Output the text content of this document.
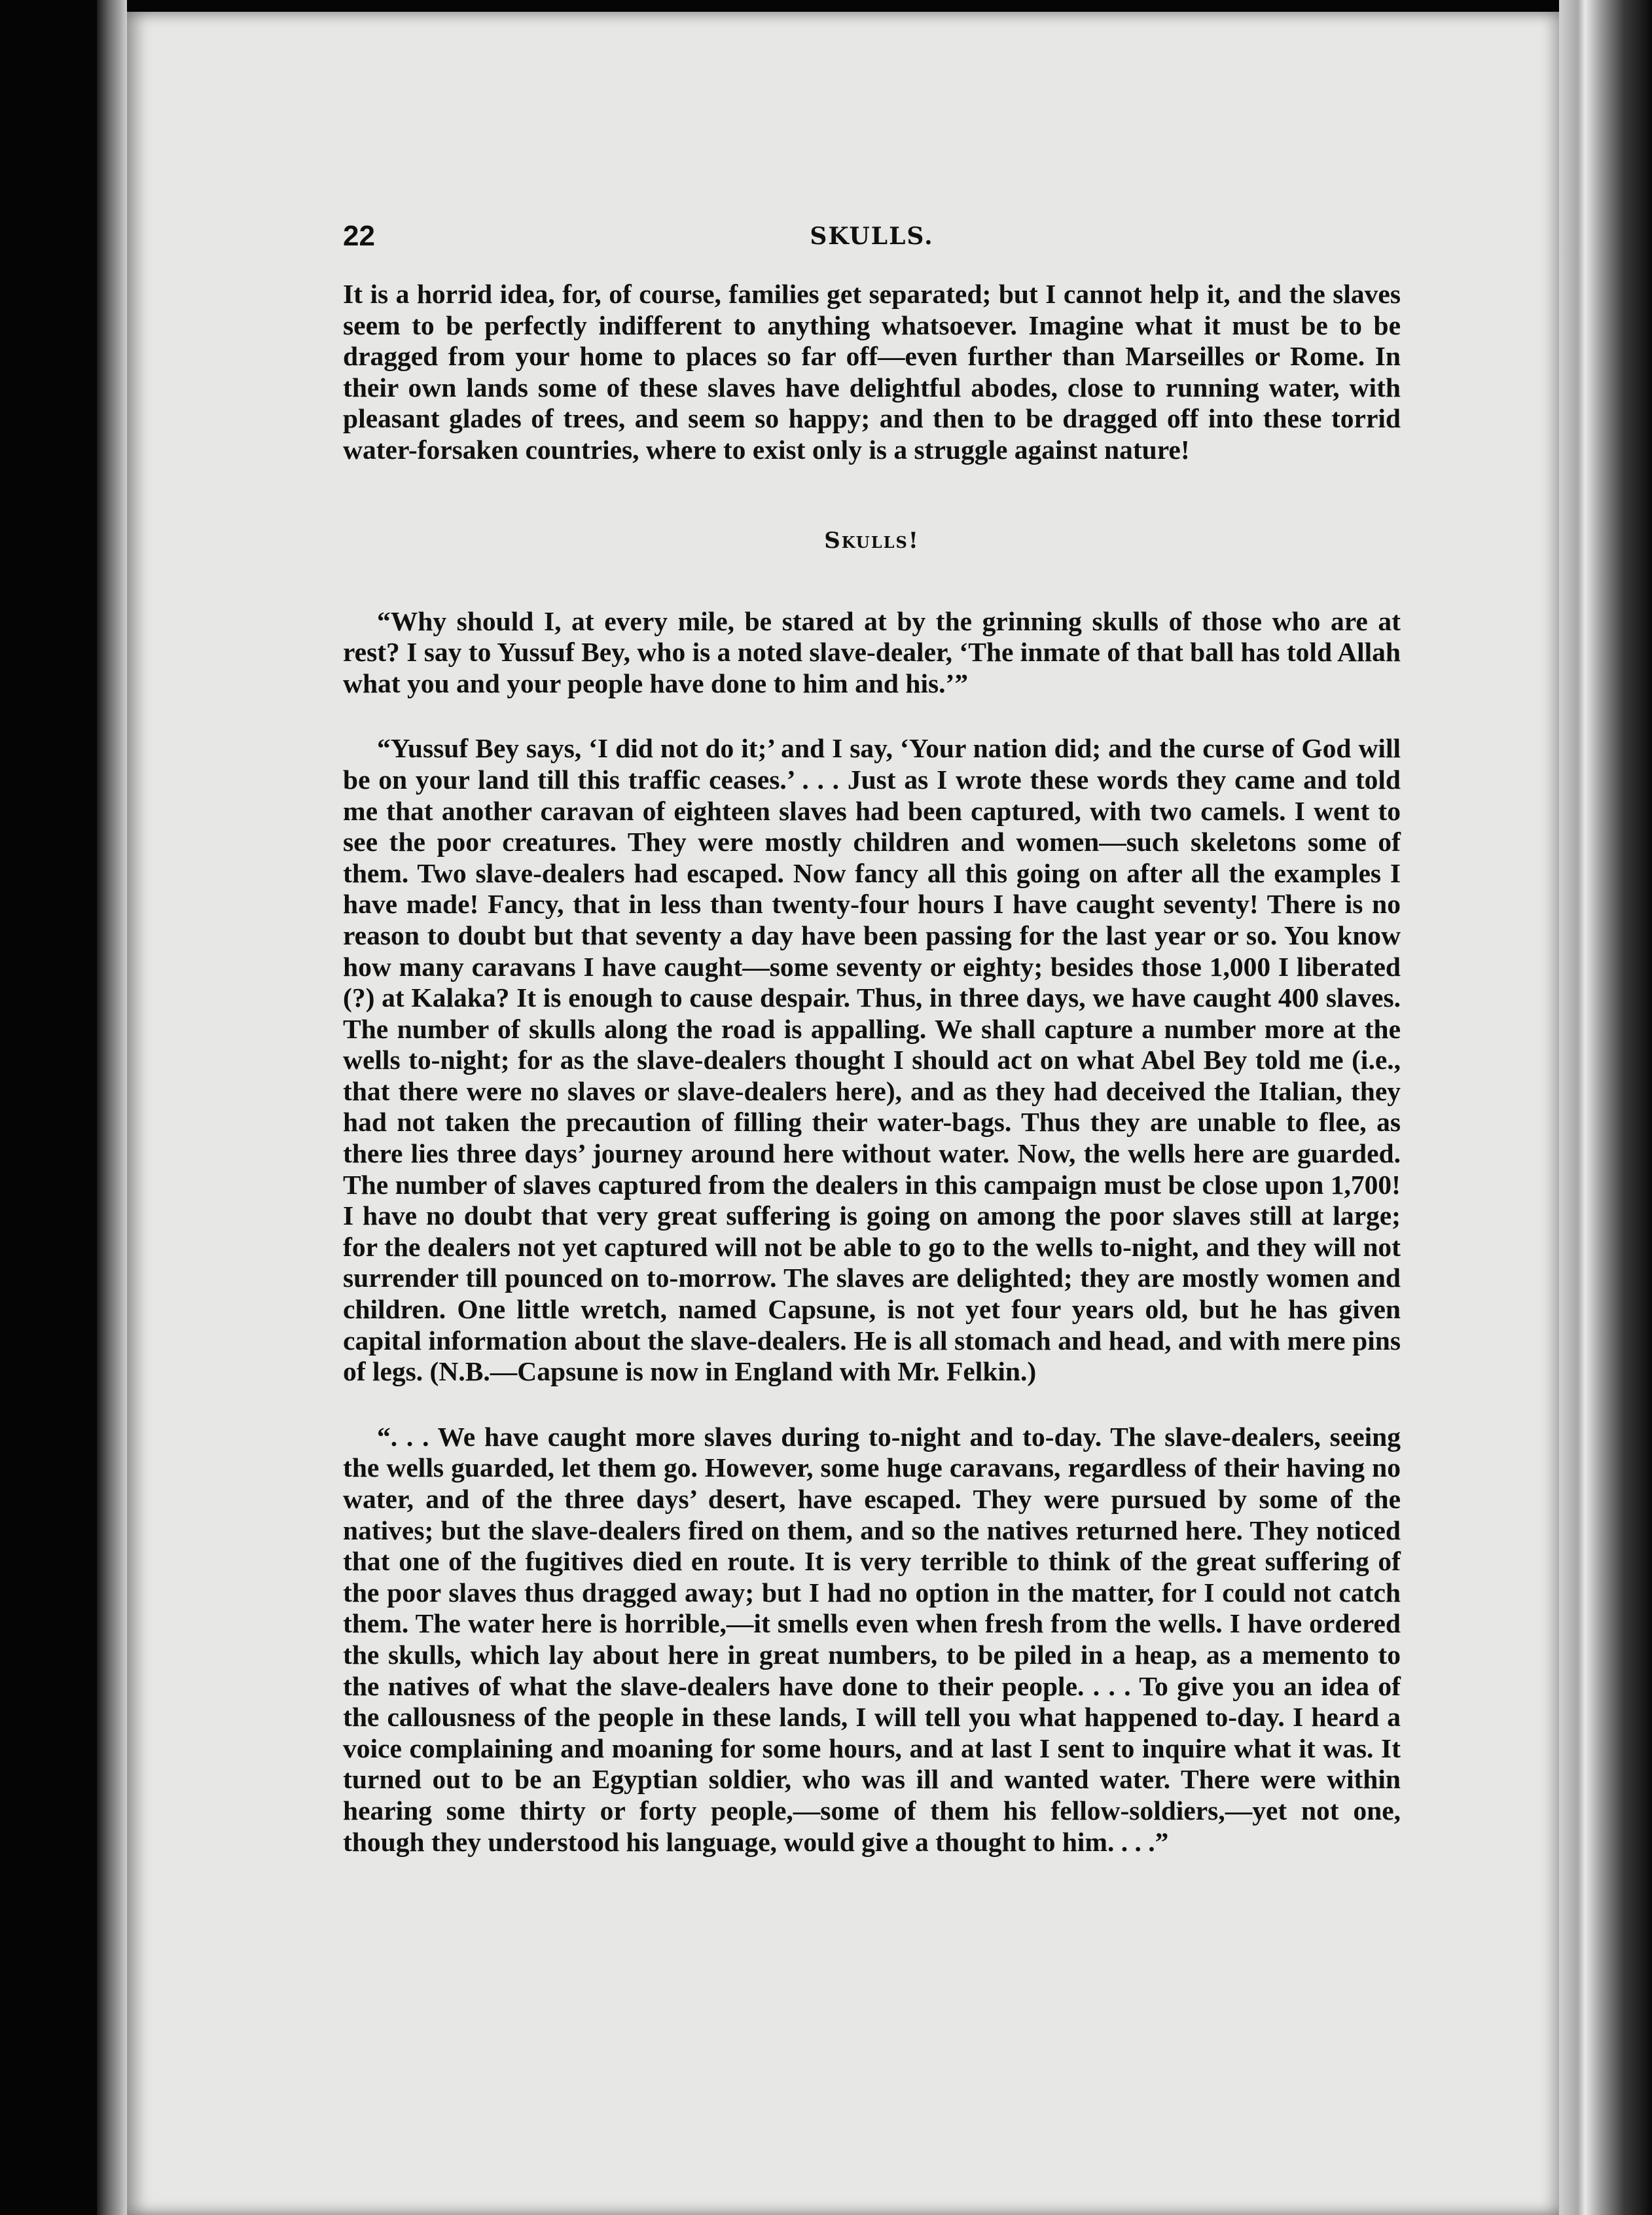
22	SKULLS.

It is a horrid idea, for, of course, families get separated; but I cannot help it, and the slaves seem to be perfectly indifferent to anything whatsoever. Imagine what it must be to be dragged from your home to places so far off—even further than Marseilles or Rome. In their own lands some of these slaves have delightful abodes, close to running water, with pleasant glades of trees, and seem so happy; and then to be dragged off into these torrid water-forsaken countries, where to exist only is a struggle against nature!

Skulls!

“Why should I, at every mile, be stared at by the grinning skulls of those who are at rest? I say to Yussuf Bey, who is a noted slave-dealer, ‘The inmate of that ball has told Allah what you and your people have done to him and his.’”

“Yussuf Bey says, ‘I did not do it;’ and I say, ‘Your nation did; and the curse of God will be on your land till this traffic ceases.’ . . . Just as I wrote these words they came and told me that another caravan of eighteen slaves had been captured, with two camels. I went to see the poor creatures. They were mostly children and women—such skeletons some of them. Two slave-dealers had escaped. Now fancy all this going on after all the examples I have made! Fancy, that in less than twenty-four hours I have caught seventy! There is no reason to doubt but that seventy a day have been passing for the last year or so. You know how many caravans I have caught—some seventy or eighty; besides those 1,000 I liberated (?) at Kalaka? It is enough to cause despair. Thus, in three days, we have caught 400 slaves. The number of skulls along the road is appalling. We shall capture a number more at the wells to-night; for as the slave-dealers thought I should act on what Abel Bey told me (i.e., that there were no slaves or slave-dealers here), and as they had deceived the Italian, they had not taken the precaution of filling their water-bags. Thus they are unable to flee, as there lies three days’ journey around here without water. Now, the wells here are guarded. The number of slaves captured from the dealers in this campaign must be close upon 1,700! I have no doubt that very great suffering is going on among the poor slaves still at large; for the dealers not yet captured will not be able to go to the wells to-night, and they will not surrender till pounced on to-morrow. The slaves are delighted; they are mostly women and children. One little wretch, named Capsune, is not yet four years old, but he has given capital information about the slave-dealers. He is all stomach and head, and with mere pins of legs. (N.B.—Capsune is now in England with Mr. Felkin.)

“. . . We have caught more slaves during to-night and to-day. The slave-dealers, seeing the wells guarded, let them go. However, some huge caravans, regardless of their having no water, and of the three days’ desert, have escaped. They were pursued by some of the natives; but the slave-dealers fired on them, and so the natives returned here. They noticed that one of the fugitives died en route. It is very terrible to think of the great suffering of the poor slaves thus dragged away; but I had no option in the matter, for I could not catch them. The water here is horrible,—it smells even when fresh from the wells. I have ordered the skulls, which lay about here in great numbers, to be piled in a heap, as a memento to the natives of what the slave-dealers have done to their people. . . . To give you an idea of the callousness of the people in these lands, I will tell you what happened to-day. I heard a voice complaining and moaning for some hours, and at last I sent to inquire what it was. It turned out to be an Egyptian soldier, who was ill and wanted water. There were within hearing some thirty or forty people,—some of them his fellow-soldiers,—yet not one, though they understood his language, would give a thought to him. . . .”
